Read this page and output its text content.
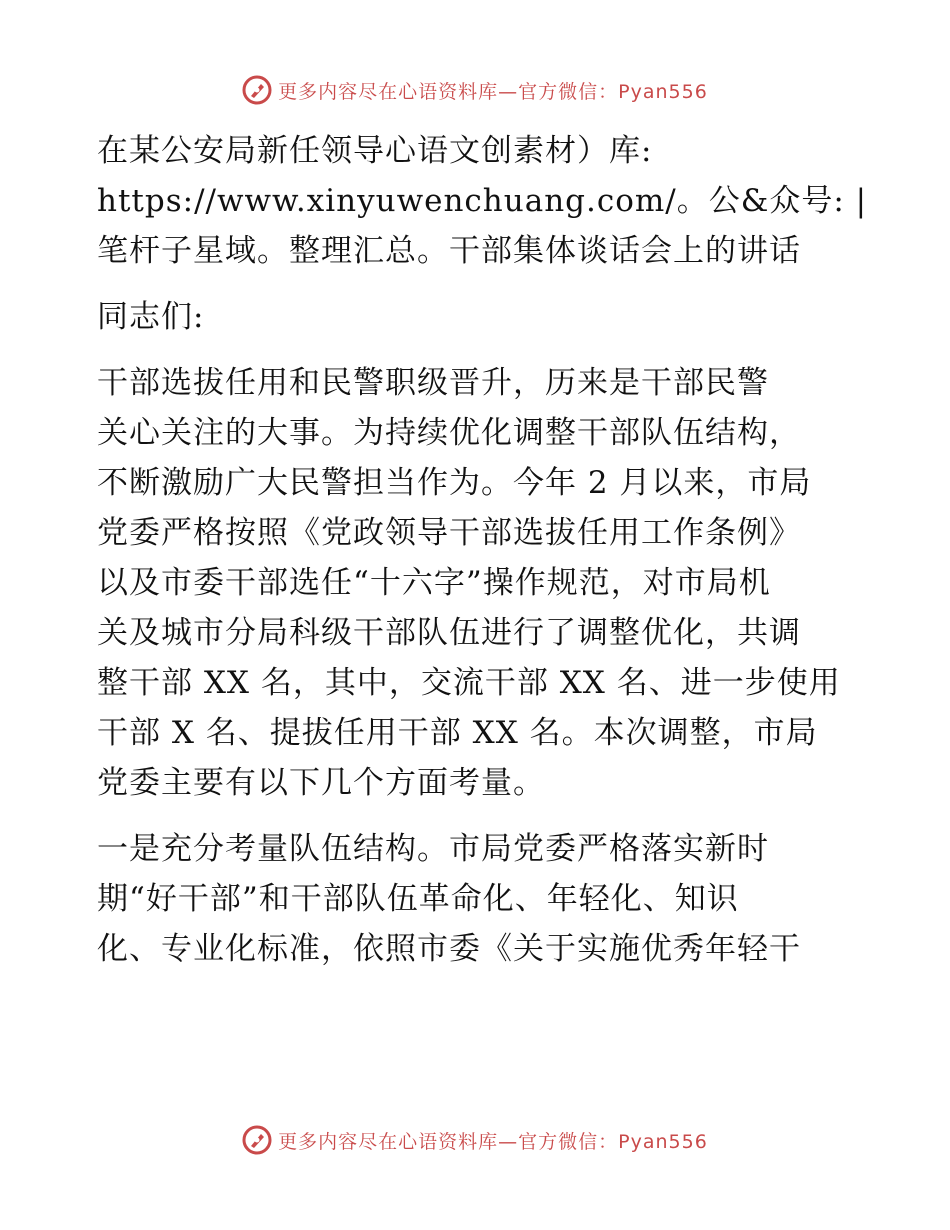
更多内容尽在心语资料库—官方微信：Pyan556
在某公安局新任领导心语文创素材）库:
https://www.xinyuwenchuang.com/。公&众号: |
笔杆子星域。整理汇总。干部集体谈话会上的讲话
同志们:
干部选拔任用和民警职级晋升，历来是干部民警
关心关注的大事。为持续优化调整干部队伍结构，
不断激励广大民警担当作为。今年 2 月以来，市局
党委严格按照《党政领导干部选拔任用工作条例》
以及市委干部选任“十六字”操作规范，对市局机
关及城市分局科级干部队伍进行了调整优化，共调
整干部 XX 名，其中，交流干部 XX 名、进一步使用
干部 X 名、提拔任用干部 XX 名。本次调整，市局
党委主要有以下几个方面考量。
一是充分考量队伍结构。市局党委严格落实新时
期“好干部”和干部队伍革命化、年轻化、知识
化、专业化标准，依照市委《关于实施优秀年轻干
更多内容尽在心语资料库—官方微信：Pyan556
